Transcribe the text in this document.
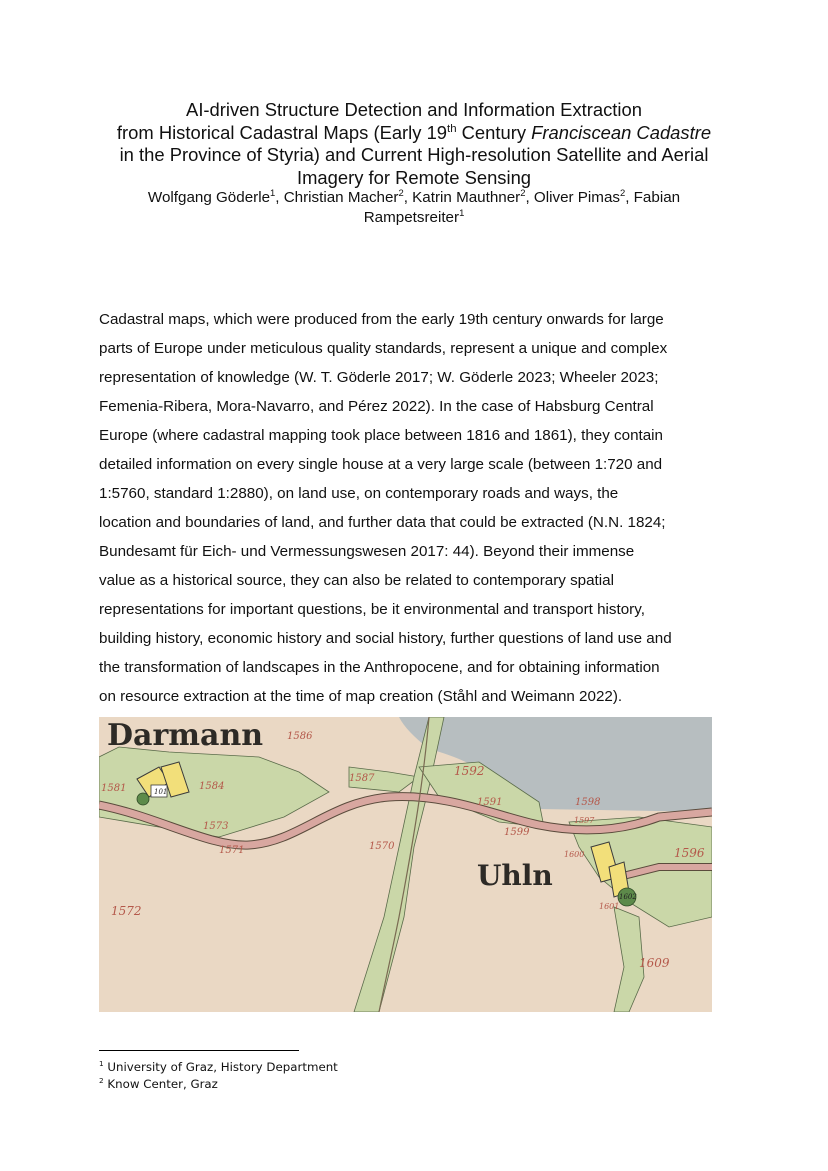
AI-driven Structure Detection and Information Extraction

from Historical Cadastral Maps (Early 19th Century Franciscean Cadastre

in the Province of Styria) and Current High-resolution Satellite and Aerial

Imagery for Remote Sensing

Wolfgang Göderle$^1$, Christian Macher$^2$, Katrin Mauthner$^2$, Oliver Pimas$^2$, Fabian

Rampetsreiter$^1$

Cadastral maps, which were produced from the early 19th century onwards for large

parts of Europe under meticulous quality standards, represent a unique and complex

representation of knowledge (W. T. Göderle 2017; W. Göderle 2023; Wheeler 2023;

Femenia-Ribera, Mora-Navarro, and Pérez 2022). In the case of Habsburg Central

Europe (where cadastral mapping took place between 1816 and 1861), they contain

detailed information on every single house at a very large scale (between 1:720 and

1:5760, standard 1:2880), on land use, on contemporary roads and ways, the

location and boundaries of land, and further data that could be extracted (N.N. 1824;

Bundesamt für Eich- und Vermessungswesen 2017: 44). Beyond their immense

value as a historical source, they can also be related to contemporary spatial

representations for important questions, be it environmental and transport history,

building history, economic history and social history, further questions of land use and

the transformation of landscapes in the Anthropocene, and for obtaining information

on resource extraction at the time of map creation (Ståhl and Weimann 2022).

Darmann
Uhln
1586
1581	101	1584
1587
1570
1571
1573
1572
1592
1591	1598
1597
1599
1600	1596
1601
1609
1602

$^1$ University of Graz, History Department

$^2$ Know Center, Graz
